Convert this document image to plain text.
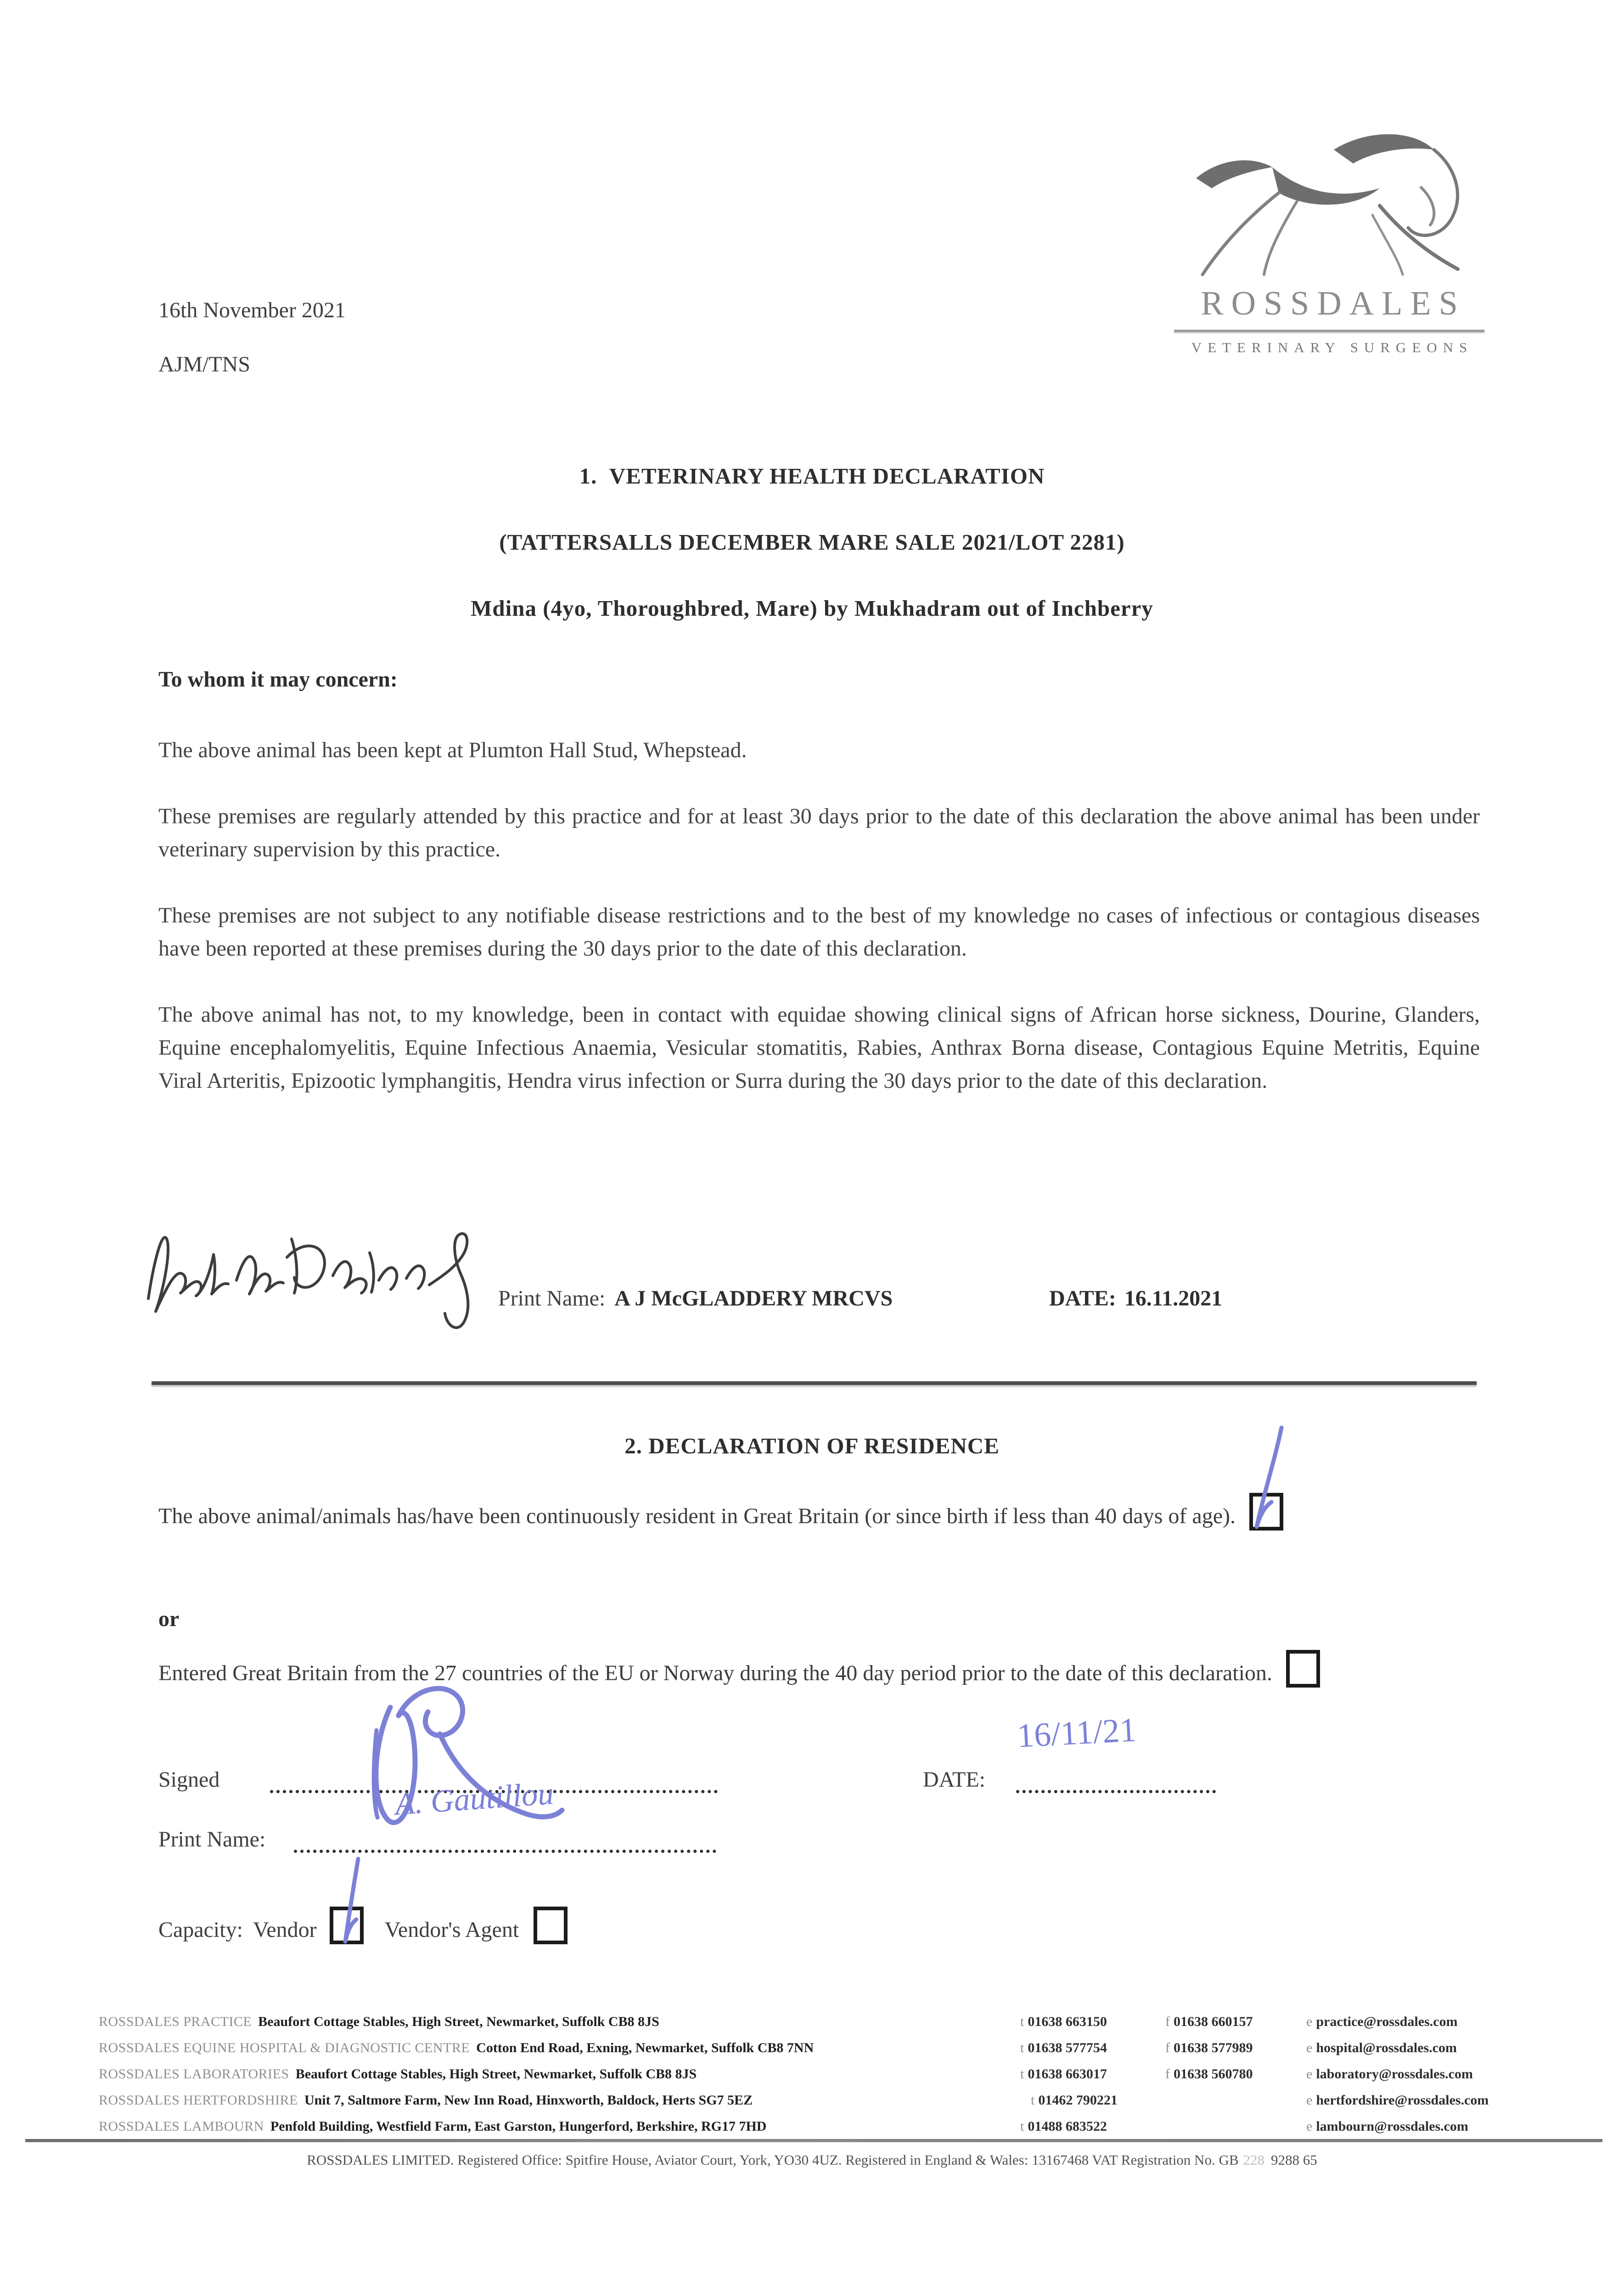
16th November 2021
AJM/TNS
ROSSDALES
VETERINARY SURGEONS
1.  VETERINARY HEALTH DECLARATION
(TATTERSALLS DECEMBER MARE SALE 2021/LOT 2281)
Mdina (4yo, Thoroughbred, Mare) by Mukhadram out of Inchberry
To whom it may concern:
The above animal has been kept at Plumton Hall Stud, Whepstead.
These premises are regularly attended by this practice and for at least 30 days prior to the date of this declaration the above animal has been under veterinary supervision by this practice.
These premises are not subject to any notifiable disease restrictions and to the best of my knowledge no cases of infectious or contagious diseases have been reported at these premises during the 30 days prior to the date of this declaration.
The above animal has not, to my knowledge, been in contact with equidae showing clinical signs of African horse sickness, Dourine, Glanders, Equine encephalomyelitis, Equine Infectious Anaemia, Vesicular stomatitis, Rabies, Anthrax Borna disease, Contagious Equine Metritis, Equine Viral Arteritis, Epizootic lymphangitis, Hendra virus infection or Surra during the 30 days prior to the date of this declaration.
Print Name: A J McGLADDERY MRCVS	DATE: 16.11.2021
2. DECLARATION OF RESIDENCE
The above animal/animals has/have been continuously resident in Great Britain (or since birth if less than 40 days of age).
or
Entered Great Britain from the 27 countries of the EU or Norway during the 40 day period prior to the date of this declaration.
Signed	DATE:
16/11/21
Print Name:
A. Gautillou
Capacity: Vendor	Vendor's Agent
ROSSDALES PRACTICE Beaufort Cottage Stables, High Street, Newmarket, Suffolk CB8 8JS	t 01638 663150	f 01638 660157	e practice@rossdales.com
ROSSDALES EQUINE HOSPITAL & DIAGNOSTIC CENTRE Cotton End Road, Exning, Newmarket, Suffolk CB8 7NN	t 01638 577754	f 01638 577989	e hospital@rossdales.com
ROSSDALES LABORATORIES Beaufort Cottage Stables, High Street, Newmarket, Suffolk CB8 8JS	t 01638 663017	f 01638 560780	e laboratory@rossdales.com
ROSSDALES HERTFORDSHIRE Unit 7, Saltmore Farm, New Inn Road, Hinxworth, Baldock, Herts SG7 5EZ	t 01462 790221	e hertfordshire@rossdales.com
ROSSDALES LAMBOURN Penfold Building, Westfield Farm, East Garston, Hungerford, Berkshire, RG17 7HD	t 01488 683522	e lambourn@rossdales.com
ROSSDALES LIMITED. Registered Office: Spitfire House, Aviator Court, York, YO30 4UZ. Registered in England & Wales: 13167468 VAT Registration No. GB 228 9288 65
